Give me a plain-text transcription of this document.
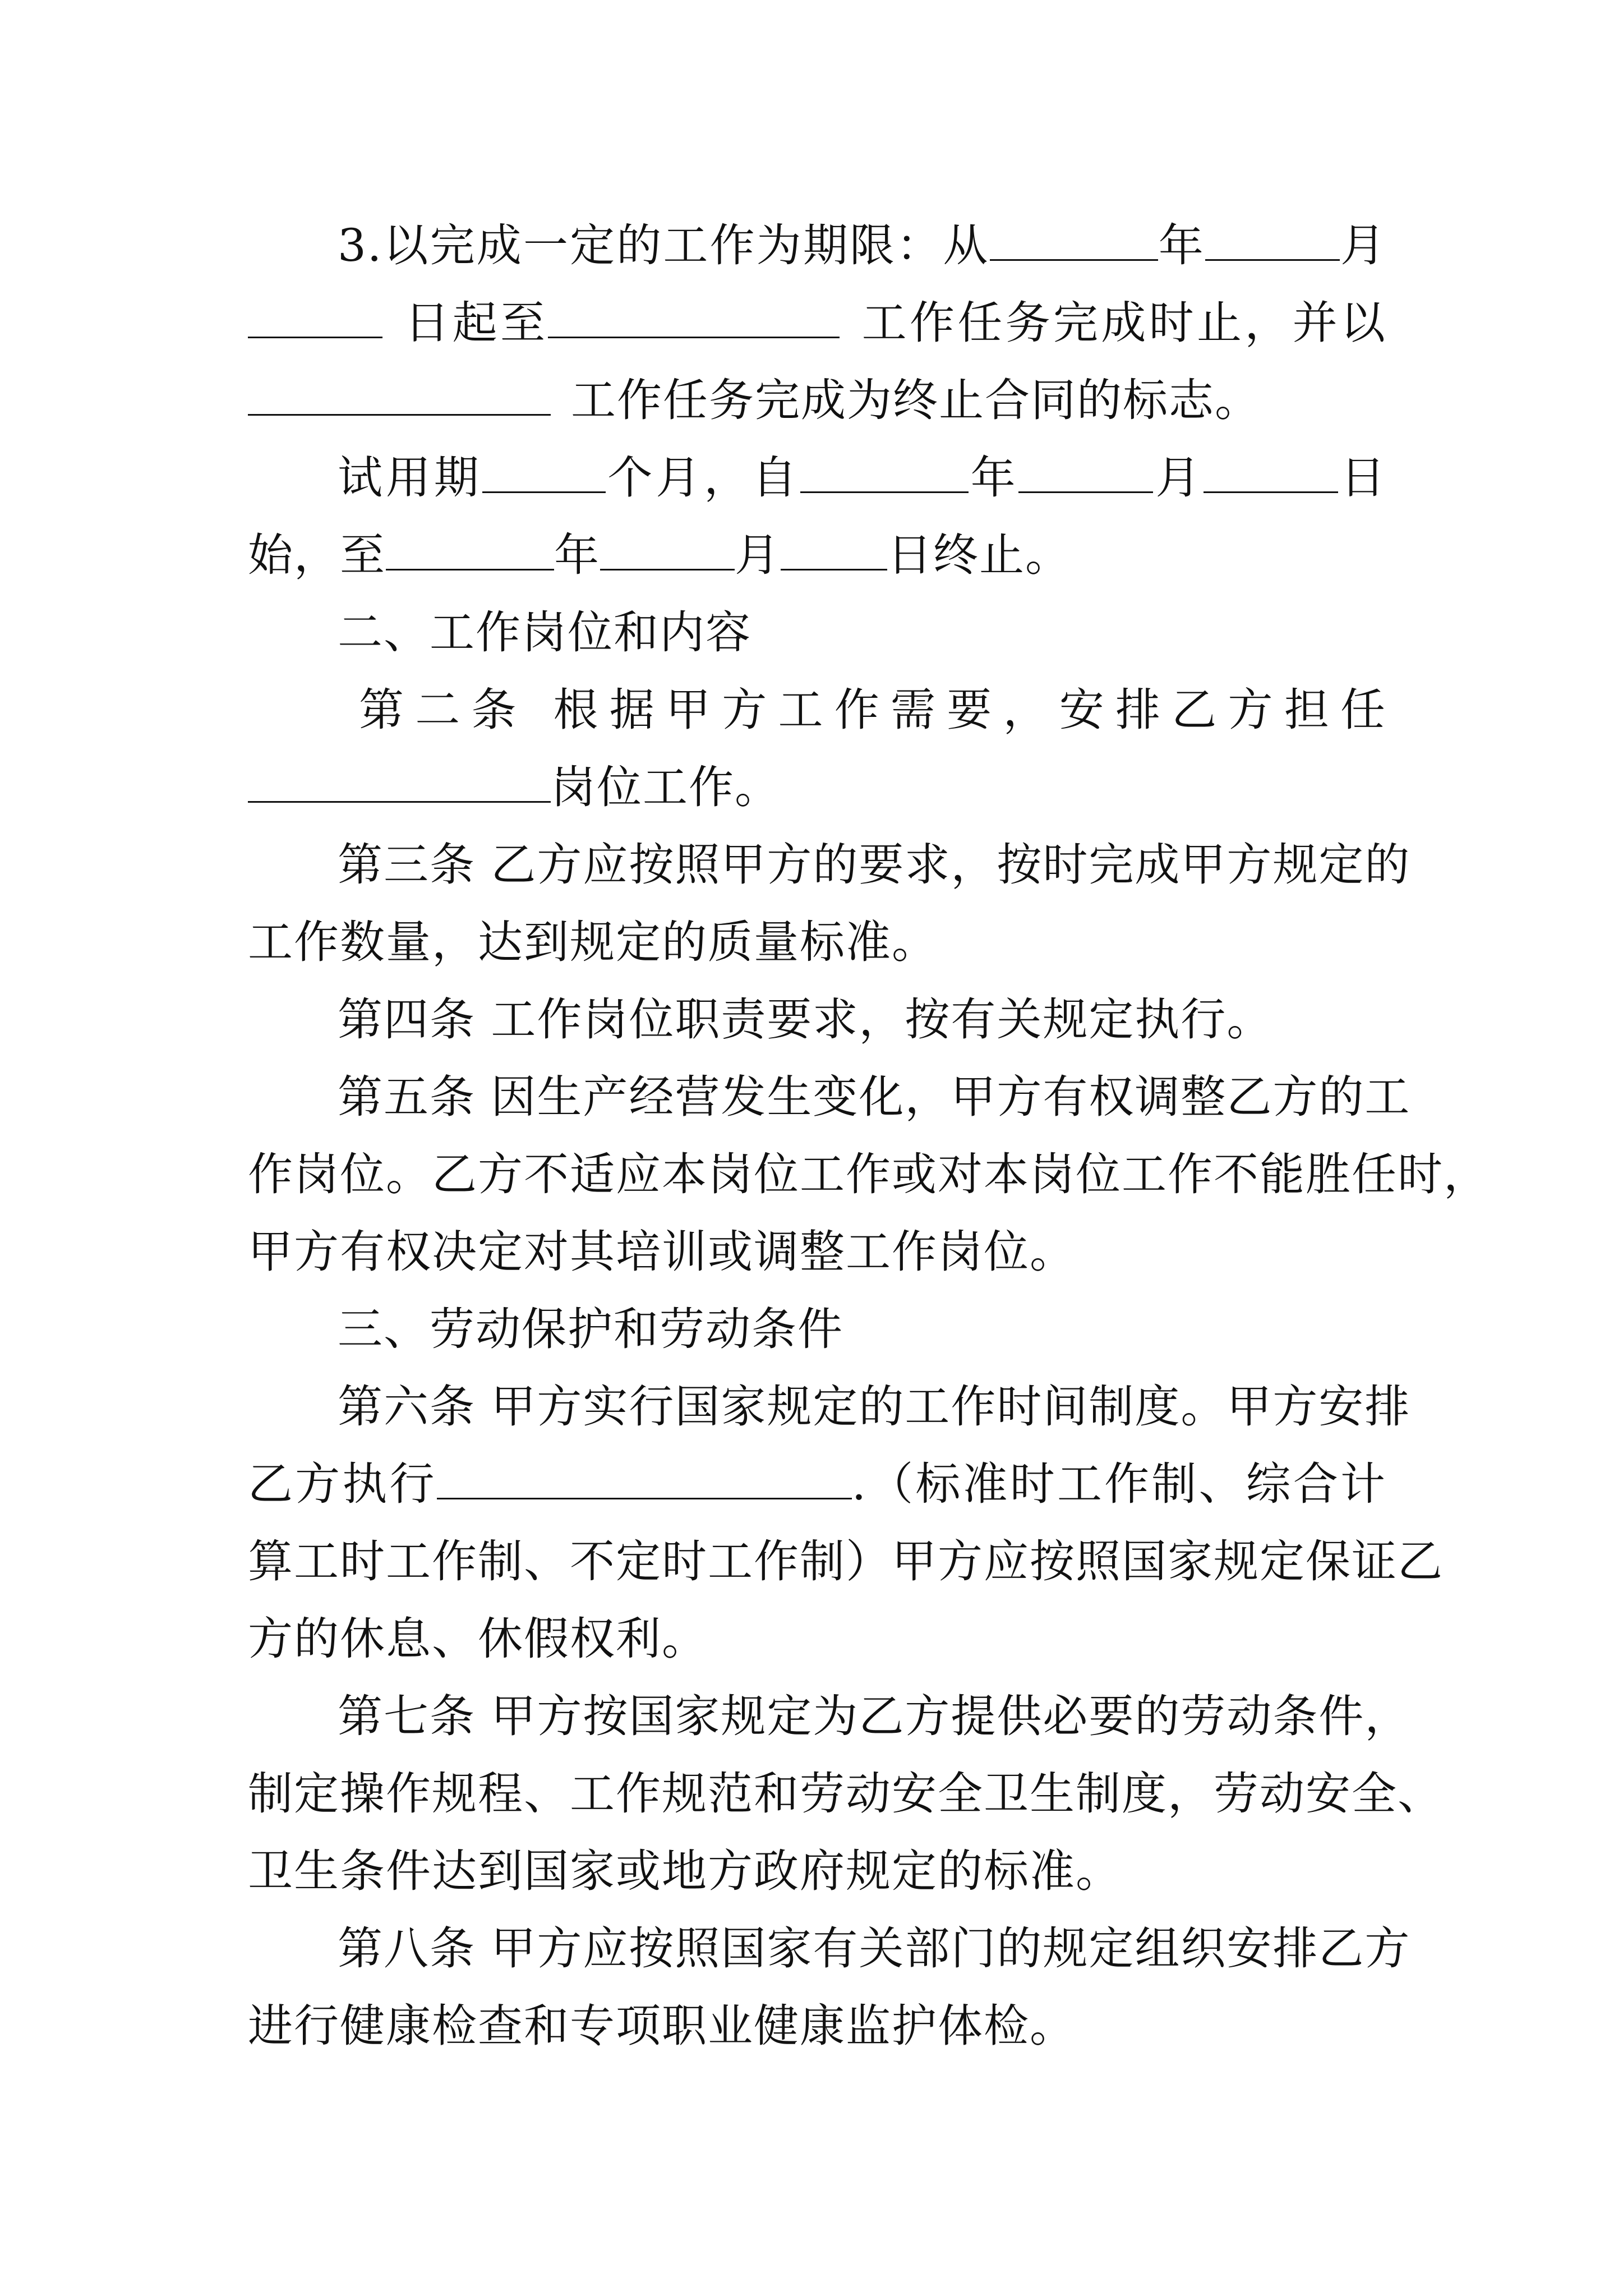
3.以完成一定的工作为期限：从	年	月
日起至	工作任务完成时止，并以
工作任务完成为终止合同的标志。
试用期	个月，自	年	月	日
始，至	年	月 日终止。
二、工作岗位和内容
第二条 根据甲方工作需要，安排乙方担任
岗位工作。
第三条 乙方应按照甲方的要求，按时完成甲方规定的
工作数量，达到规定的质量标准。
第四条 工作岗位职责要求，按有关规定执行。
第五条 因生产经营发生变化，甲方有权调整乙方的工
作岗位。乙方不适应本岗位工作或对本岗位工作不能胜任时，
甲方有权决定对其培训或调整工作岗位。
三、劳动保护和劳动条件
第六条 甲方实行国家规定的工作时间制度。甲方安排
乙方执行	.（标准时工作制、综合计
算工时工作制、不定时工作制）甲方应按照国家规定保证乙
方的休息、休假权利。
第七条 甲方按国家规定为乙方提供必要的劳动条件，
制定操作规程、工作规范和劳动安全卫生制度，劳动安全、
卫生条件达到国家或地方政府规定的标准。
第八条 甲方应按照国家有关部门的规定组织安排乙方
进行健康检查和专项职业健康监护体检。
